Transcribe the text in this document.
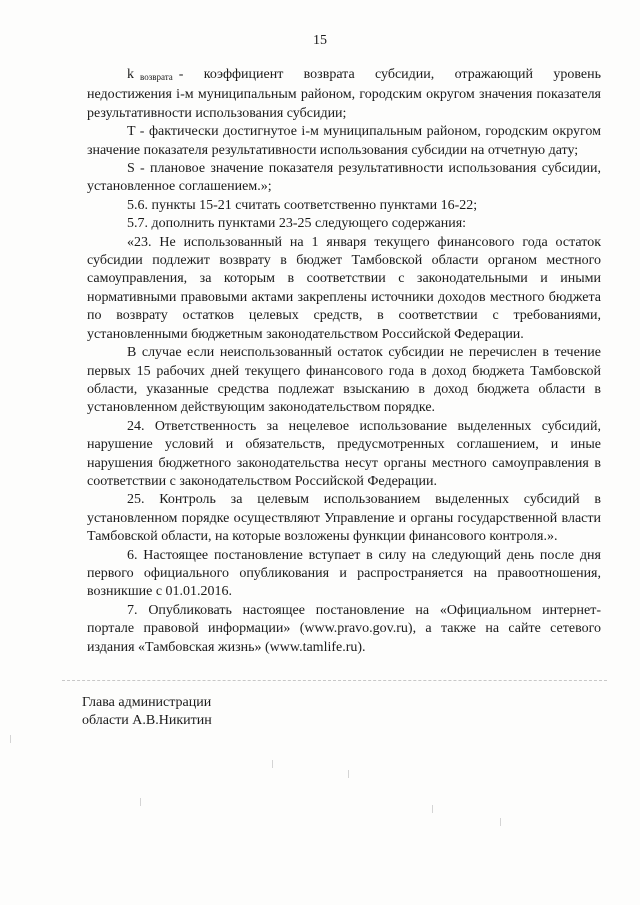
15

k $_{возврата}$ - коэффициент возврата субсидии, отражающий уровень недостижения i-м муниципальным районом, городским округом значения показателя результативности использования субсидии;

T - фактически достигнутое i-м муниципальным районом, городским округом значение показателя результативности использования субсидии на отчетную дату;

S - плановое значение показателя результативности использования субсидии, установленное соглашением.»;

5.6. пункты 15-21 считать соответственно пунктами 16-22;

5.7. дополнить пунктами 23-25 следующего содержания:

«23. Не использованный на 1 января текущего финансового года остаток субсидии подлежит возврату в бюджет Тамбовской области органом местного самоуправления, за которым в соответствии с законодательными и иными нормативными правовыми актами закреплены источники доходов местного бюджета по возврату остатков целевых средств, в соответствии с требованиями, установленными бюджетным законодательством Российской Федерации.

В случае если неиспользованный остаток субсидии не перечислен в течение первых 15 рабочих дней текущего финансового года в доход бюджета Тамбовской области, указанные средства подлежат взысканию в доход бюджета области в установленном действующим законодательством порядке.

24. Ответственность за нецелевое использование выделенных субсидий, нарушение условий и обязательств, предусмотренных соглашением, и иные нарушения бюджетного законодательства несут органы местного самоуправления в соответствии с законодательством Российской Федерации.

25. Контроль за целевым использованием выделенных субсидий в установленном порядке осуществляют Управление и органы государственной власти Тамбовской области, на которые возложены функции финансового контроля.».

6. Настоящее постановление вступает в силу на следующий день после дня первого официального опубликования и распространяется на правоотношения, возникшие с 01.01.2016.

7. Опубликовать настоящее постановление на «Официальном интернет-портале правовой информации» (www.pravo.gov.ru), а также на сайте сетевого издания «Тамбовская жизнь» (www.tamlife.ru).

Глава администрации
области А.В.Никитин
